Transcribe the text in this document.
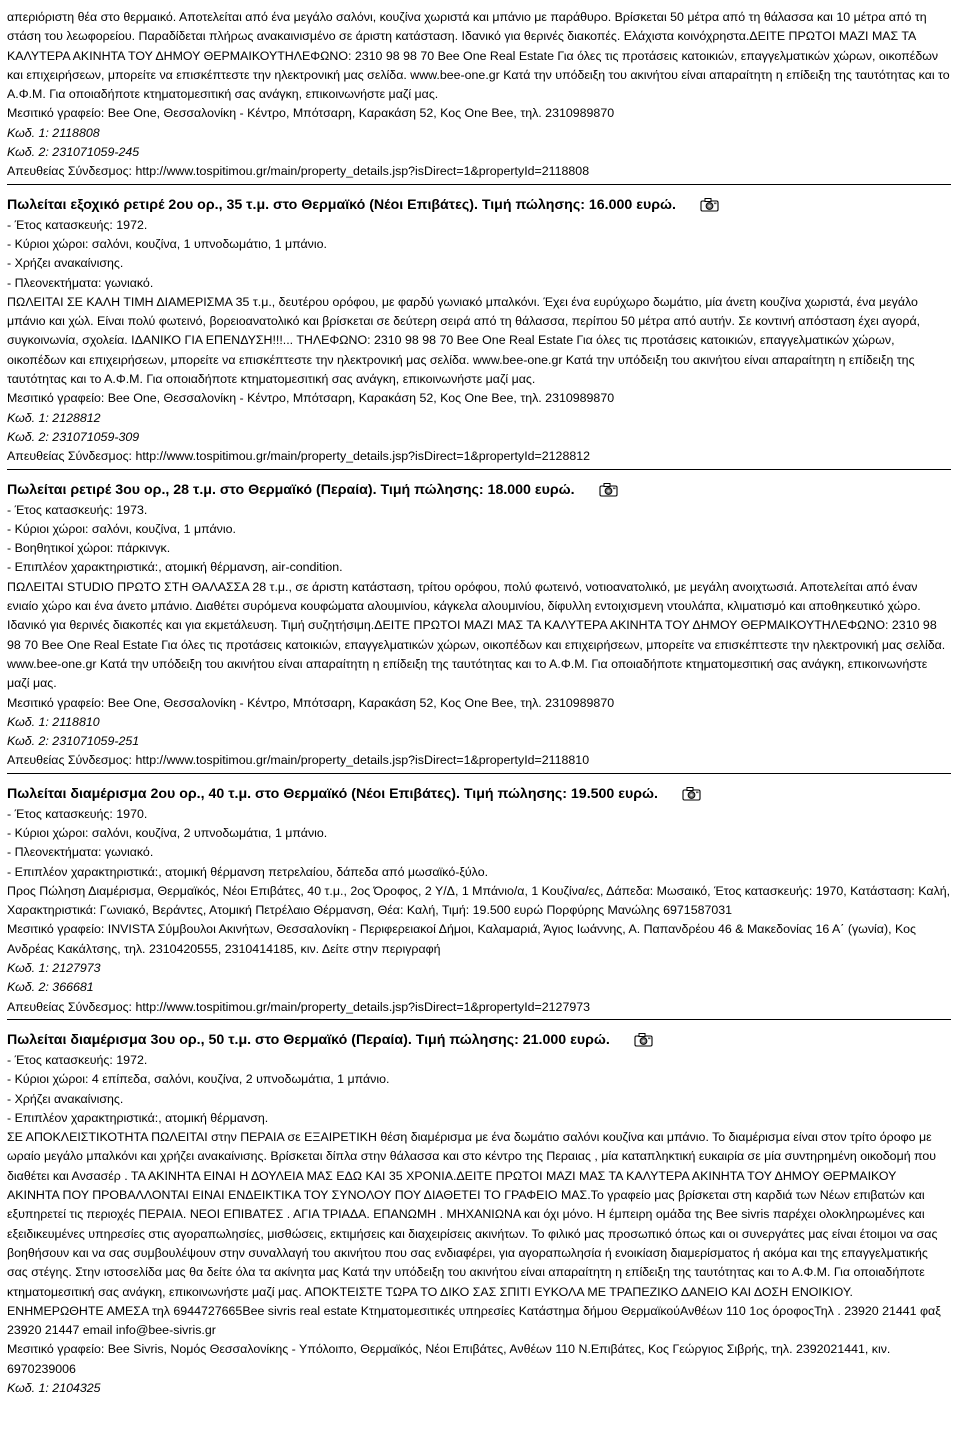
απεριόριστη θέα στο θερμαικό. Αποτελείται από ένα μεγάλο σαλόνι, κουζίνα χωριστά και μπάνιο με παράθυρο. Βρίσκεται 50 μέτρα από τη θάλασσα και 10 μέτρα από τη στάση του λεωφορείου. Παραδίδεται πλήρως ανακαινισμένο σε άριστη κατάσταση. Ιδανικό για θερινές διακοπές. Ελάχιστα κοινόχρηστα.ΔΕΙΤΕ ΠΡΩΤΟΙ ΜΑΖΙ ΜΑΣ ΤΑ ΚΑΛΥΤΕΡΑ ΑΚΙΝΗΤΑ ΤΟΥ ΔΗΜΟΥ ΘΕΡΜΑΙΚΟΥΤΗΛΕΦΩΝΟ: 2310 98 98 70 Bee One Real Estate Για όλες τις προτάσεις κατοικιών, επαγγελματικών χώρων, οικοπέδων και επιχειρήσεων, μπορείτε να επισκέπτεστε την ηλεκτρονική μας σελίδα. www.bee-one.gr Κατά την υπόδειξη του ακινήτου είναι απαραίτητη η επίδειξη της ταυτότητας και το Α.Φ.Μ. Για οποιαδήποτε κτηματομεσιτική σας ανάγκη, επικοινωνήστε μαζί μας.
Μεσιτικό γραφείο: Bee One, Θεσσαλονίκη - Κέντρο, Μπότσαρη, Καρακάση 52, Κος One Bee, τηλ. 2310989870
Κωδ. 1: 2118808
Κωδ. 2: 231071059-245
Απευθείας Σύνδεσμος: http://www.tospitimou.gr/main/property_details.jsp?isDirect=1&propertyId=2118808
Πωλείται εξοχικό ρετιρέ 2ου ορ., 35 τ.μ. στο Θερμαϊκό (Νέοι Επιβάτες). Τιμή πώλησης: 16.000 ευρώ.
- Έτος κατασκευής: 1972.
- Κύριοι χώροι: σαλόνι, κουζίνα, 1 υπνοδωμάτιο, 1 μπάνιο.
- Χρήζει ανακαίνισης.
- Πλεονεκτήματα: γωνιακό.
ΠΩΛΕΙΤΑΙ ΣΕ ΚΑΛΗ ΤΙΜΗ ΔΙΑΜΕΡΙΣΜΑ 35 τ.μ., δευτέρου ορόφου, με φαρδύ γωνιακό μπαλκόνι. Έχει ένα ευρύχωρο δωμάτιο, μία άνετη κουζίνα χωριστά, ένα μεγάλο μπάνιο και χώλ. Είναι πολύ φωτεινό, βορειοανατολικό και βρίσκεται σε δεύτερη σειρά από τη θάλασσα, περίπου 50 μέτρα από αυτήν. Σε κοντινή απόσταση έχει αγορά, συγκοινωνία, σχολεία. ΙΔΑΝΙΚΟ ΓΙΑ ΕΠΕΝΔΥΣΗ!!!... ΤΗΛΕΦΩΝΟ: 2310 98 98 70 Bee One Real Estate Για όλες τις προτάσεις κατοικιών, επαγγελματικών χώρων, οικοπέδων και επιχειρήσεων, μπορείτε να επισκέπτεστε την ηλεκτρονική μας σελίδα. www.bee-one.gr Κατά την υπόδειξη του ακινήτου είναι απαραίτητη η επίδειξη της ταυτότητας και το Α.Φ.Μ. Για οποιαδήποτε κτηματομεσιτική σας ανάγκη, επικοινωνήστε μαζί μας.
Μεσιτικό γραφείο: Bee One, Θεσσαλονίκη - Κέντρο, Μπότσαρη, Καρακάση 52, Κος One Bee, τηλ. 2310989870
Κωδ. 1: 2128812
Κωδ. 2: 231071059-309
Απευθείας Σύνδεσμος: http://www.tospitimou.gr/main/property_details.jsp?isDirect=1&propertyId=2128812
Πωλείται ρετιρέ 3ου ορ., 28 τ.μ. στο Θερμαϊκό (Περαία). Τιμή πώλησης: 18.000 ευρώ.
- Έτος κατασκευής: 1973.
- Κύριοι χώροι: σαλόνι, κουζίνα, 1 μπάνιο.
- Βοηθητικοί χώροι: πάρκινγκ.
- Επιπλέον χαρακτηριστικά:, ατομική θέρμανση, air-condition.
ΠΩΛΕΙΤΑΙ STUDIO ΠΡΩΤΟ ΣΤΗ ΘΑΛΑΣΣΑ 28 τ.μ., σε άριστη κατάσταση, τρίτου ορόφου, πολύ φωτεινό, νοτιοανατολικό, με μεγάλη ανοιχτωσιά. Αποτελείται από έναν ενιαίο χώρο και ένα άνετο μπάνιο. Διαθέτει συρόμενα κουφώματα αλουμινίου, κάγκελα αλουμινίου, δίφυλλη εντοιχισμενη ντουλάπα, κλιματισμό και αποθηκευτικό χώρο. Ιδανικό για θερινές διακοπές και για εκμετάλευση. Τιμή συζητήσιμη.ΔΕΙΤΕ ΠΡΩΤΟΙ ΜΑΖΙ ΜΑΣ ΤΑ ΚΑΛΥΤΕΡΑ ΑΚΙΝΗΤΑ ΤΟΥ ΔΗΜΟΥ ΘΕΡΜΑΙΚΟΥΤΗΛΕΦΩΝΟ: 2310 98 98 70 Bee One Real Estate Για όλες τις προτάσεις κατοικιών, επαγγελματικών χώρων, οικοπέδων και επιχειρήσεων, μπορείτε να επισκέπτεστε την ηλεκτρονική μας σελίδα. www.bee-one.gr Κατά την υπόδειξη του ακινήτου είναι απαραίτητη η επίδειξη της ταυτότητας και το Α.Φ.Μ. Για οποιαδήποτε κτηματομεσιτική σας ανάγκη, επικοινωνήστε μαζί μας.
Μεσιτικό γραφείο: Bee One, Θεσσαλονίκη - Κέντρο, Μπότσαρη, Καρακάση 52, Κος One Bee, τηλ. 2310989870
Κωδ. 1: 2118810
Κωδ. 2: 231071059-251
Απευθείας Σύνδεσμος: http://www.tospitimou.gr/main/property_details.jsp?isDirect=1&propertyId=2118810
Πωλείται διαμέρισμα 2ου ορ., 40 τ.μ. στο Θερμαϊκό (Νέοι Επιβάτες). Τιμή πώλησης: 19.500 ευρώ.
- Έτος κατασκευής: 1970.
- Κύριοι χώροι: σαλόνι, κουζίνα, 2 υπνοδωμάτια, 1 μπάνιο.
- Πλεονεκτήματα: γωνιακό.
- Επιπλέον χαρακτηριστικά:, ατομική θέρμανση πετρελαίου, δάπεδα από μωσαϊκό-ξύλο.
Προς Πώληση Διαμέρισμα, Θερμαϊκός, Νέοι Επιβάτες, 40 τ.μ., 2ος Όροφος, 2 Υ/Δ, 1 Μπάνιο/α, 1 Κουζίνα/ες, Δάπεδα: Μωσαικό, Έτος κατασκευής: 1970, Κατάσταση: Καλή, Χαρακτηριστικά: Γωνιακό, Βεράντες, Ατομική Πετρέλαιο Θέρμανση, Θέα: Καλή, Τιμή: 19.500 ευρώ Πορφύρης Μανώλης 6971587031
Μεσιτικό γραφείο: INVISTA Σύμβουλοι Ακινήτων, Θεσσαλονίκη - Περιφερειακοί Δήμοι, Καλαμαριά, Άγιος Ιωάννης, Α. Παπανδρέου 46 & Μακεδονίας 16 Α΄ (γωνία), Κος Ανδρέας Κακάλτσης, τηλ. 2310420555, 2310414185, κιν. Δείτε στην περιγραφή
Κωδ. 1: 2127973
Κωδ. 2: 366681
Απευθείας Σύνδεσμος: http://www.tospitimou.gr/main/property_details.jsp?isDirect=1&propertyId=2127973
Πωλείται διαμέρισμα 3ου ορ., 50 τ.μ. στο Θερμαϊκό (Περαία). Τιμή πώλησης: 21.000 ευρώ.
- Έτος κατασκευής: 1972.
- Κύριοι χώροι: 4 επίπεδα, σαλόνι, κουζίνα, 2 υπνοδωμάτια, 1 μπάνιο.
- Χρήζει ανακαίνισης.
- Επιπλέον χαρακτηριστικά:, ατομική θέρμανση.
ΣΕ ΑΠΟΚΛΕΙΣΤΙΚΟΤΗΤΑ ΠΩΛΕΙΤΑΙ στην ΠΕΡΑΙΑ σε ΕΞΑΙΡΕΤΙΚΗ θέση διαμέρισμα με ένα δωμάτιο σαλόνι κουζίνα και μπάνιο. Το διαμέρισμα είναι στον τρίτο όροφο με ωραίο μεγάλο μπαλκόνι και χρήζει ανακαίνισης. Βρίσκεται δίπλα στην θάλασσα και στο κέντρο της Περαιας , μία καταπληκτική ευκαιρία σε μία συντηρημένη οικοδομή που διαθέτει και Ανσασέρ . ΤΑ ΑΚΙΝΗΤΑ ΕΙΝΑΙ Η ΔΟΥΛΕΙΑ ΜΑΣ ΕΔΩ ΚΑΙ 35 ΧΡΟΝΙΑ.ΔΕΙΤΕ ΠΡΩΤΟΙ ΜΑΖΙ ΜΑΣ ΤΑ ΚΑΛΥΤΕΡΑ ΑΚΙΝΗΤΑ ΤΟΥ ΔΗΜΟΥ ΘΕΡΜΑΙΚΟΥ ΑΚΙΝΗΤΑ ΠΟΥ ΠΡΟΒΑΛΛΟΝΤΑΙ ΕΙΝΑΙ ΕΝΔΕΙΚΤΙΚΑ ΤΟΥ ΣΥΝΟΛΟΥ ΠΟΥ ΔΙΑΘΕΤΕΙ ΤΟ ΓΡΑΦΕΙΟ ΜΑΣ.Το γραφείο μας βρίσκεται στη καρδιά των Νέων επιβατών και εξυπηρετεί τις περιοχές ΠΕΡΑΙΑ. ΝΕΟΙ ΕΠΙΒΑΤΕΣ . ΑΓΙΑ ΤΡΙΑΔΑ. ΕΠΑΝΩΜΗ . ΜΗΧΑΝΙΩΝΑ και όχι μόνο. Η έμπειρη ομάδα της Bee sivris παρέχει ολοκληρωμένες και εξειδικευμένες υπηρεσίες στις αγοραπωλησίες, μισθώσεις, εκτιμήσεις και διαχειρίσεις ακινήτων. Το φιλικό μας προσωπικό όπως και οι συνεργάτες μας είναι έτοιμοι να σας βοηθήσουν και να σας συμβουλέψουν στην συναλλαγή του ακινήτου που σας ενδιαφέρει, για αγοραπωλησία ή ενοικίαση διαμερίσματος ή ακόμα και της επαγγελματικής σας στέγης. Στην ιστοσελίδα μας θα δείτε όλα τα ακίνητα μας Κατά την υπόδειξη του ακινήτου είναι απαραίτητη η επίδειξη της ταυτότητας και το Α.Φ.Μ. Για οποιαδήποτε κτηματομεσιτική σας ανάγκη, επικοινωνήστε μαζί μας. ΑΠΟΚΤΕΙΣΤΕ ΤΩΡΑ ΤΟ ΔΙΚΟ ΣΑΣ ΣΠΙΤΙ ΕΥΚΟΛΑ ΜΕ ΤΡΑΠΕΖΙΚΟ ΔΑΝΕΙΟ ΚΑΙ ΔΟΣΗ ΕΝΟΙΚΙΟΥ. ΕΝΗΜΕΡΩΘΗΤΕ ΑΜΕΣΑ τηλ 6944727665Bee sivris real estate Κτηματομεσιτικές υπηρεσίες Κατάστημα δήμου ΘερμαϊκούΑνθέων 110 1ος όροφοςΤηλ . 23920 21441 φαξ 23920 21447 email info@bee-sivris.gr
Μεσιτικό γραφείο: Bee Sivris, Νομός Θεσσαλονίκης - Υπόλοιπο, Θερμαϊκός, Νέοι Επιβάτες, Ανθέων 110 Ν.Επιβάτες, Κος Γεώργιος Σιβρής, τηλ. 2392021441, κιν. 6970239006
Κωδ. 1: 2104325
